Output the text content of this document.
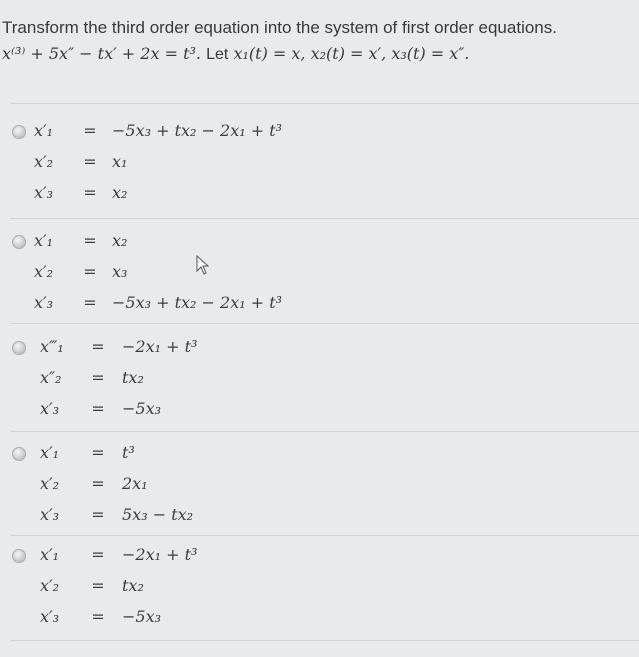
Transform the third order equation into the system of first order equations.
x⁽³⁾ + 5x″ − tx′ + 2x = t³. Let x₁(t) = x, x₂(t) = x′, x₃(t) = x″.
x′₁	= −5x₃ + tx₂ − 2x₁ + t³
x′₂	= x₁
x′₃	= x₂
x′₁	= x₂
x′₂	= x₃
x′₃	= −5x₃ + tx₂ − 2x₁ + t³
x‴₁	= −2x₁ + t³
x″₂	= tx₂
x′₃	= −5x₃
x′₁	= t³
x′₂	= 2x₁
x′₃	= 5x₃ − tx₂
x′₁	= −2x₁ + t³
x′₂	= tx₂
x′₃	= −5x₃
